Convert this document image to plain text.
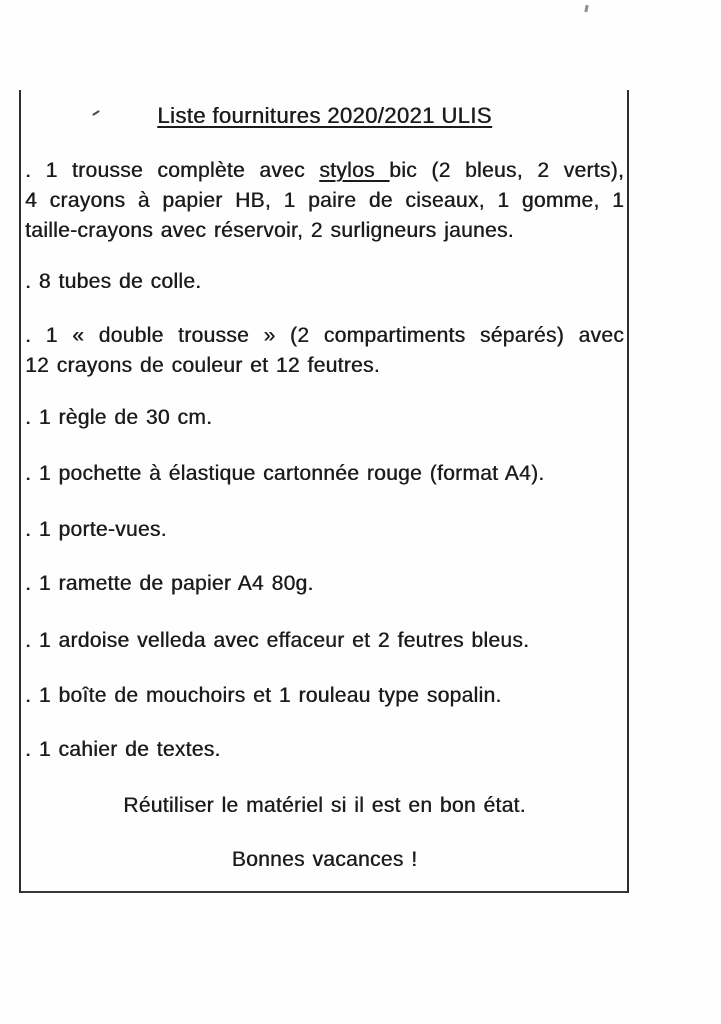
Liste fournitures 2020/2021 ULIS

. 1 trousse complète avec stylos bic (2 bleus, 2 verts),
4 crayons à papier HB, 1 paire de ciseaux, 1 gomme, 1
taille-crayons avec réservoir, 2 surligneurs jaunes.

. 8 tubes de colle.

. 1 « double trousse » (2 compartiments séparés) avec
12 crayons de couleur et 12 feutres.

. 1 règle de 30 cm.

. 1 pochette à élastique cartonnée rouge (format A4).

. 1 porte-vues.

. 1 ramette de papier A4 80g.

. 1 ardoise velleda avec effaceur et 2 feutres bleus.

. 1 boîte de mouchoirs et 1 rouleau type sopalin.

. 1 cahier de textes.

Réutiliser le matériel si il est en bon état.

Bonnes vacances !
